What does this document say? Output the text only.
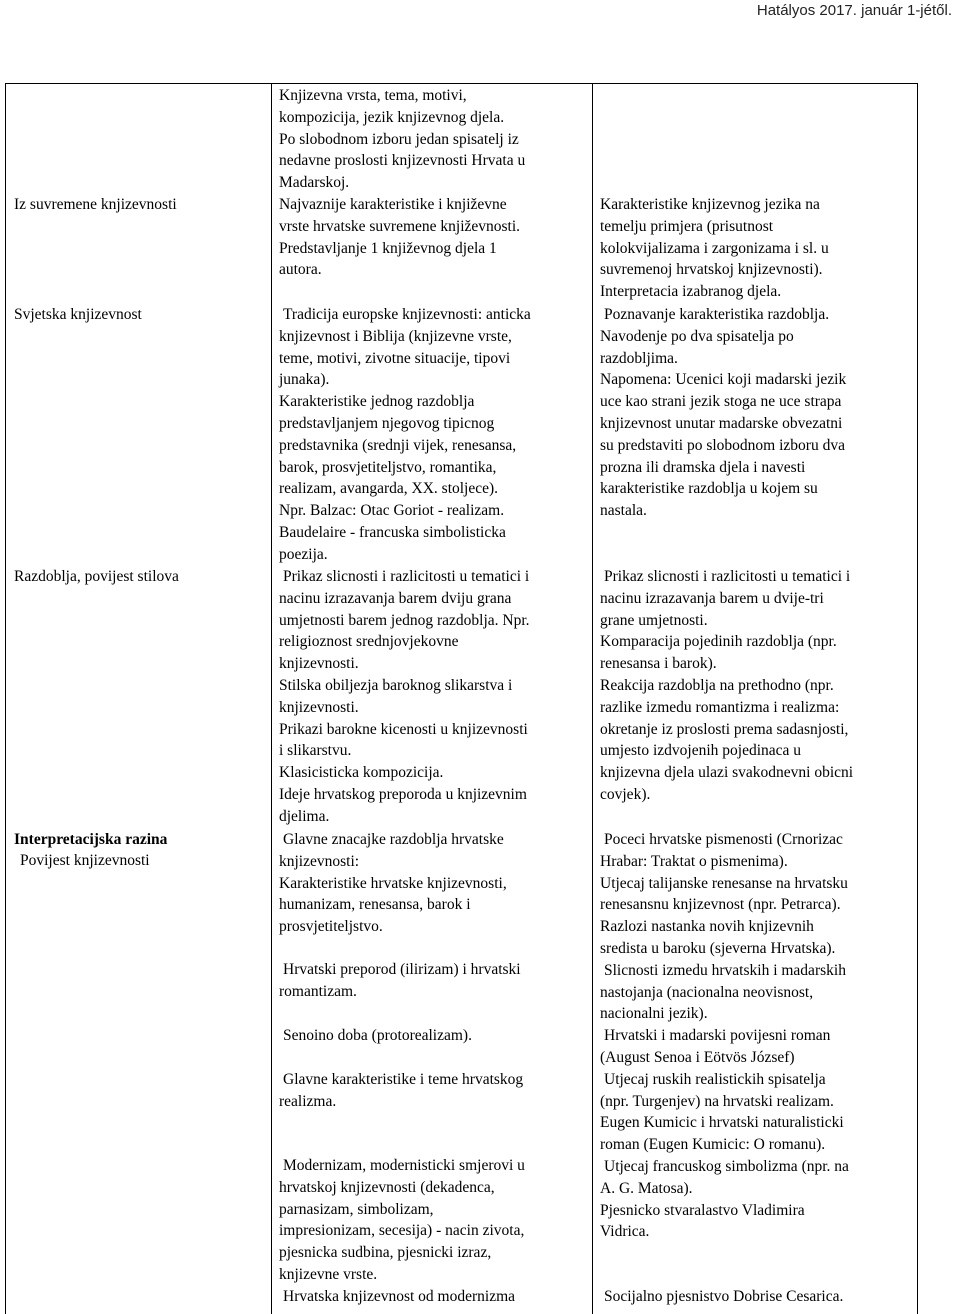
Hatályos 2017. január 1-jétől.
Iz suvremene knjizevnosti
Svjetska knjizevnost
Razdoblja, povijest stilova
Interpretacijska razina
Povijest knjizevnosti
Knjizevna vrsta, tema, motivi,
kompozicija, jezik knjizevnog djela.
Po slobodnom izboru jedan spisatelj iz
nedavne proslosti knjizevnosti Hrvata u
Madarskoj.
Najvaznije karakteristike i književne
vrste hrvatske suvremene književnosti.
Predstavljanje 1 književnog djela 1
autora.
Tradicija europske knjizevnosti: anticka
knjizevnost i Biblija (knjizevne vrste,
teme, motivi, zivotne situacije, tipovi
junaka).
Karakteristike jednog razdoblja
predstavljanjem njegovog tipicnog
predstavnika (srednji vijek, renesansa,
barok, prosvjetiteljstvo, romantika,
realizam, avangarda, XX. stoljece).
Npr. Balzac: Otac Goriot - realizam.
Baudelaire - francuska simbolisticka
poezija.
Prikaz slicnosti i razlicitosti u tematici i
nacinu izrazavanja barem dviju grana
umjetnosti barem jednog razdoblja. Npr.
religioznost srednjovjekovne
knjizevnosti.
Stilska obiljezja baroknog slikarstva i
knjizevnosti.
Prikazi barokne kicenosti u knjizevnosti
i slikarstvu.
Klasicisticka kompozicija.
Ideje hrvatskog preporoda u knjizevnim
djelima.
Glavne znacajke razdoblja hrvatske
knjizevnosti:
Karakteristike hrvatske knjizevnosti,
humanizam, renesansa, barok i
prosvjetiteljstvo.
Hrvatski preporod (ilirizam) i hrvatski
romantizam.
Senoino doba (protorealizam).
Glavne karakteristike i teme hrvatskog
realizma.
Modernizam, modernisticki smjerovi u
hrvatskoj knjizevnosti (dekadenca,
parnasizam, simbolizam,
impresionizam, secesija) - nacin zivota,
pjesnicka sudbina, pjesnicki izraz,
knjizevne vrste.
Hrvatska knjizevnost od modernizma
Karakteristike knjizevnog jezika na
temelju primjera (prisutnost
kolokvijalizama i zargonizama i sl. u
suvremenoj hrvatskoj knjizevnosti).
Interpretacia izabranog djela.
Poznavanje karakteristika razdoblja.
Navodenje po dva spisatelja po
razdobljima.
Napomena: Ucenici koji madarski jezik
uce kao strani jezik stoga ne uce strapa
knjizevnost unutar madarske obvezatni
su predstaviti po slobodnom izboru dva
prozna ili dramska djela i navesti
karakteristike razdoblja u kojem su
nastala.
Prikaz slicnosti i razlicitosti u tematici i
nacinu izrazavanja barem u dvije-tri
grane umjetnosti.
Komparacija pojedinih razdoblja (npr.
renesansa i barok).
Reakcija razdoblja na prethodno (npr.
razlike izmedu romantizma i realizma:
okretanje iz proslosti prema sadasnjosti,
umjesto izdvojenih pojedinaca u
knjizevna djela ulazi svakodnevni obicni
covjek).
Poceci hrvatske pismenosti (Crnorizac
Hrabar: Traktat o pismenima).
Utjecaj talijanske renesanse na hrvatsku
renesansnu knjizevnost (npr. Petrarca).
Razlozi nastanka novih knjizevnih
sredista u baroku (sjeverna Hrvatska).
Slicnosti izmedu hrvatskih i madarskih
nastojanja (nacionalna neovisnost,
nacionalni jezik).
Hrvatski i madarski povijesni roman
(August Senoa i Eötvös József)
Utjecaj ruskih realistickih spisatelja
(npr. Turgenjev) na hrvatski realizam.
Eugen Kumicic i hrvatski naturalisticki
roman (Eugen Kumicic: O romanu).
Utjecaj francuskog simbolizma (npr. na
A. G. Matosa).
Pjesnicko stvaralastvo Vladimira
Vidrica.
Socijalno pjesnistvo Dobrise Cesarica.
